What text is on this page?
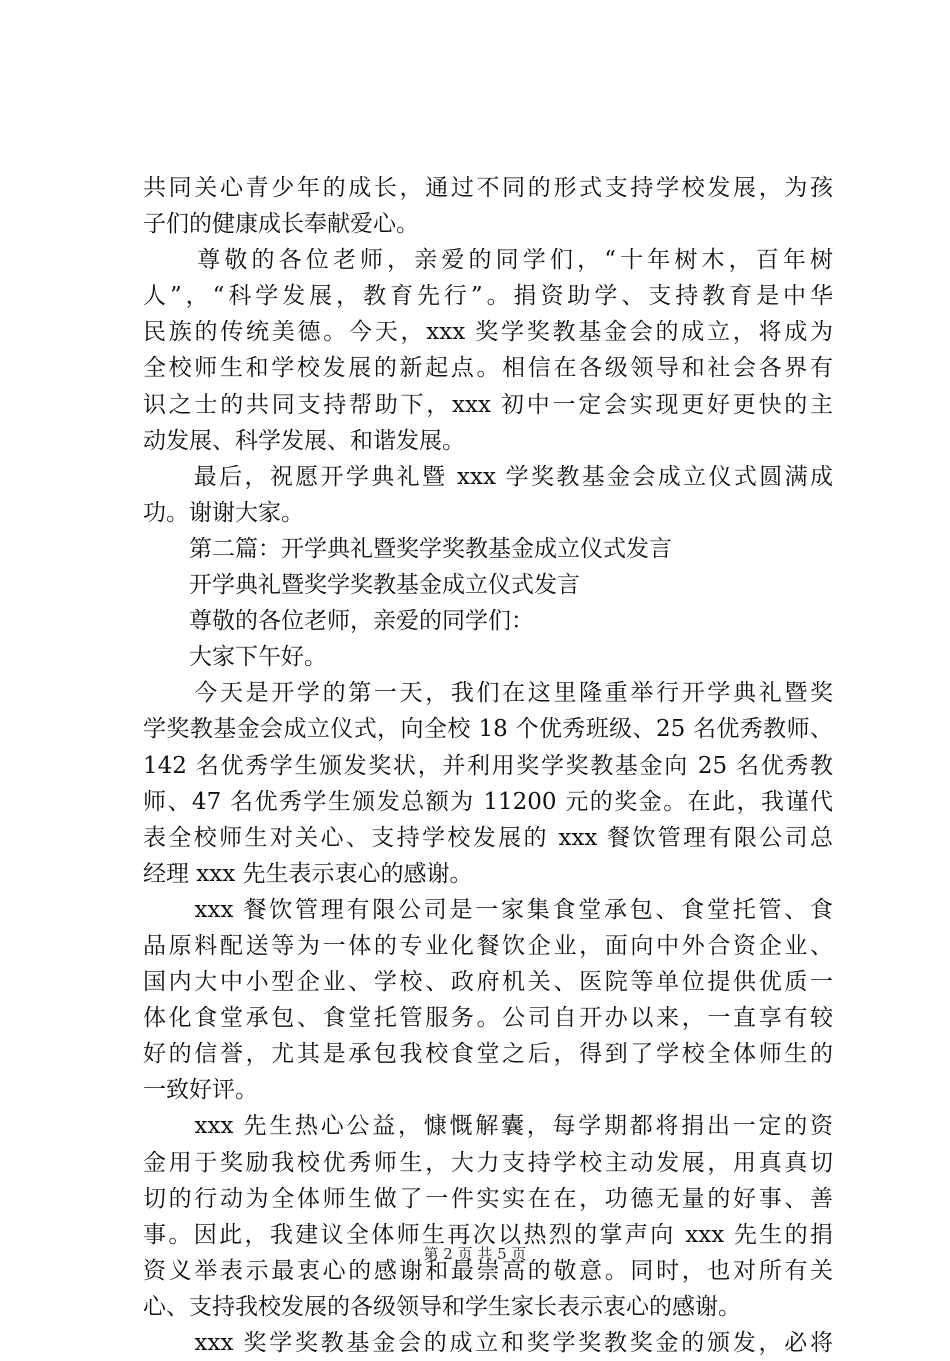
共同关心青少年的成长，通过不同的形式支持学校发展，为孩
子们的健康成长奉献爱心。
　　尊敬的各位老师，亲爱的同学们，“十年树木，百年树
人”，“科学发展，教育先行”。捐资助学、支持教育是中华
民族的传统美德。今天，xxx 奖学奖教基金会的成立，将成为
全校师生和学校发展的新起点。相信在各级领导和社会各界有
识之士的共同支持帮助下，xxx 初中一定会实现更好更快的主
动发展、科学发展、和谐发展。
　　最后，祝愿开学典礼暨 xxx 学奖教基金会成立仪式圆满成
功。谢谢大家。
　　第二篇：开学典礼暨奖学奖教基金成立仪式发言
　　开学典礼暨奖学奖教基金成立仪式发言
　　尊敬的各位老师，亲爱的同学们：
　　大家下午好。
　　今天是开学的第一天，我们在这里隆重举行开学典礼暨奖
学奖教基金会成立仪式，向全校 18 个优秀班级、25 名优秀教师、
142 名优秀学生颁发奖状，并利用奖学奖教基金向 25 名优秀教
师、47 名优秀学生颁发总额为 11200 元的奖金。在此，我谨代
表全校师生对关心、支持学校发展的 xxx 餐饮管理有限公司总
经理 xxx 先生表示衷心的感谢。
　　xxx 餐饮管理有限公司是一家集食堂承包、食堂托管、食
品原料配送等为一体的专业化餐饮企业，面向中外合资企业、
国内大中小型企业、学校、政府机关、医院等单位提供优质一
体化食堂承包、食堂托管服务。公司自开办以来，一直享有较
好的信誉，尤其是承包我校食堂之后，得到了学校全体师生的
一致好评。
　　xxx 先生热心公益，慷慨解囊，每学期都将捐出一定的资
金用于奖励我校优秀师生，大力支持学校主动发展，用真真切
切的行动为全体师生做了一件实实在在，功德无量的好事、善
事。因此，我建议全体师生再次以热烈的掌声向 xxx 先生的捐
资义举表示最衷心的感谢和最崇高的敬意。同时，也对所有关
心、支持我校发展的各级领导和学生家长表示衷心的感谢。
　　xxx 奖学奖教基金会的成立和奖学奖教奖金的颁发，必将
第 2 页 共 5 页
